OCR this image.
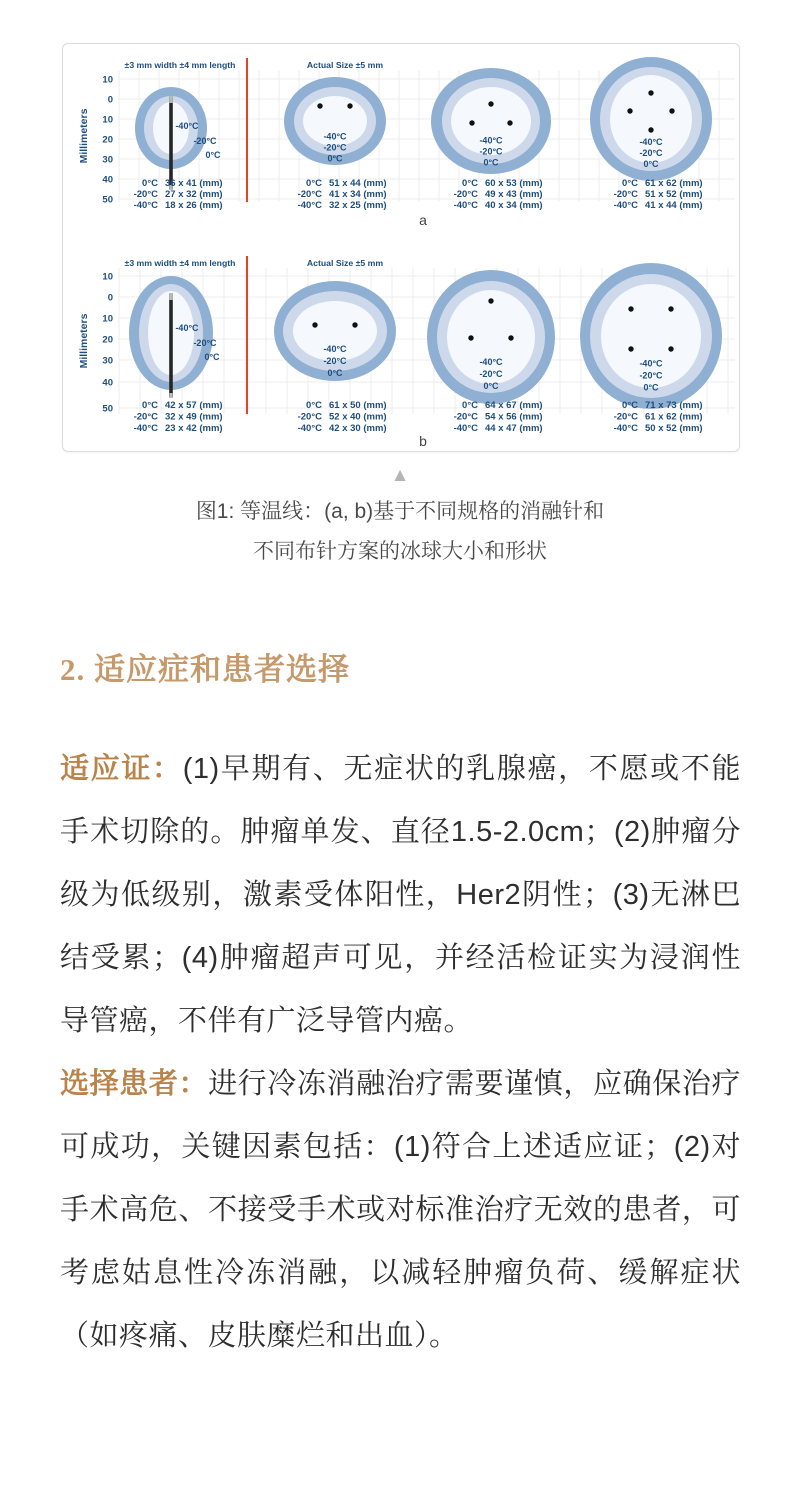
Millimeters
10
0
10
20
30
40
50
±3 mm width ±4 mm length
-40°C
-20°C
0°C
0°C 36 x 41 (mm)
-20°C 27 x 32 (mm)
-40°C 18 x 26 (mm)
Actual Size ±5 mm
-40°C
-20°C
0°C
0°C 51 x 44 (mm)
-20°C 41 x 34 (mm)
-40°C 32 x 25 (mm)
-40°C
-20°C
0°C
0°C 60 x 53 (mm)
-20°C 49 x 43 (mm)
-40°C 40 x 34 (mm)
-40°C
-20°C
0°C
0°C 61 x 62 (mm)
-20°C 51 x 52 (mm)
-40°C 41 x 44 (mm)
a
Millimeters
10
0
10
20
30
40
50
±3 mm width ±4 mm length
-40°C
-20°C
0°C
0°C 42 x 57 (mm)
-20°C 32 x 49 (mm)
-40°C 23 x 42 (mm)
Actual Size ±5 mm
-40°C
-20°C
0°C
0°C 61 x 50 (mm)
-20°C 52 x 40 (mm)
-40°C 42 x 30 (mm)
-40°C
-20°C
0°C
0°C 64 x 67 (mm)
-20°C 54 x 56 (mm)
-40°C 44 x 47 (mm)
-40°C
-20°C
0°C
0°C 71 x 73 (mm)
-20°C 61 x 62 (mm)
-40°C 50 x 52 (mm)
b
▲
图1: 等温线：(a, b)基于不同规格的消融针和
不同布针方案的冰球大小和形状
2. 适应症和患者选择

适应证：(1)早期有、无症状的乳腺癌，不愿或不能手术切除的。肿瘤单发、直径1.5-2.0cm；(2)肿瘤分级为低级别，激素受体阳性，Her2阴性；(3)无淋巴结受累；(4)肿瘤超声可见，并经活检证实为浸润性导管癌，不伴有广泛导管内癌。

选择患者：进行冷冻消融治疗需要谨慎，应确保治疗可成功，关键因素包括：(1)符合上述适应证；(2)对手术高危、不接受手术或对标准治疗无效的患者，可考虑姑息性冷冻消融，以减轻肿瘤负荷、缓解症状（如疼痛、皮肤糜烂和出血）。
